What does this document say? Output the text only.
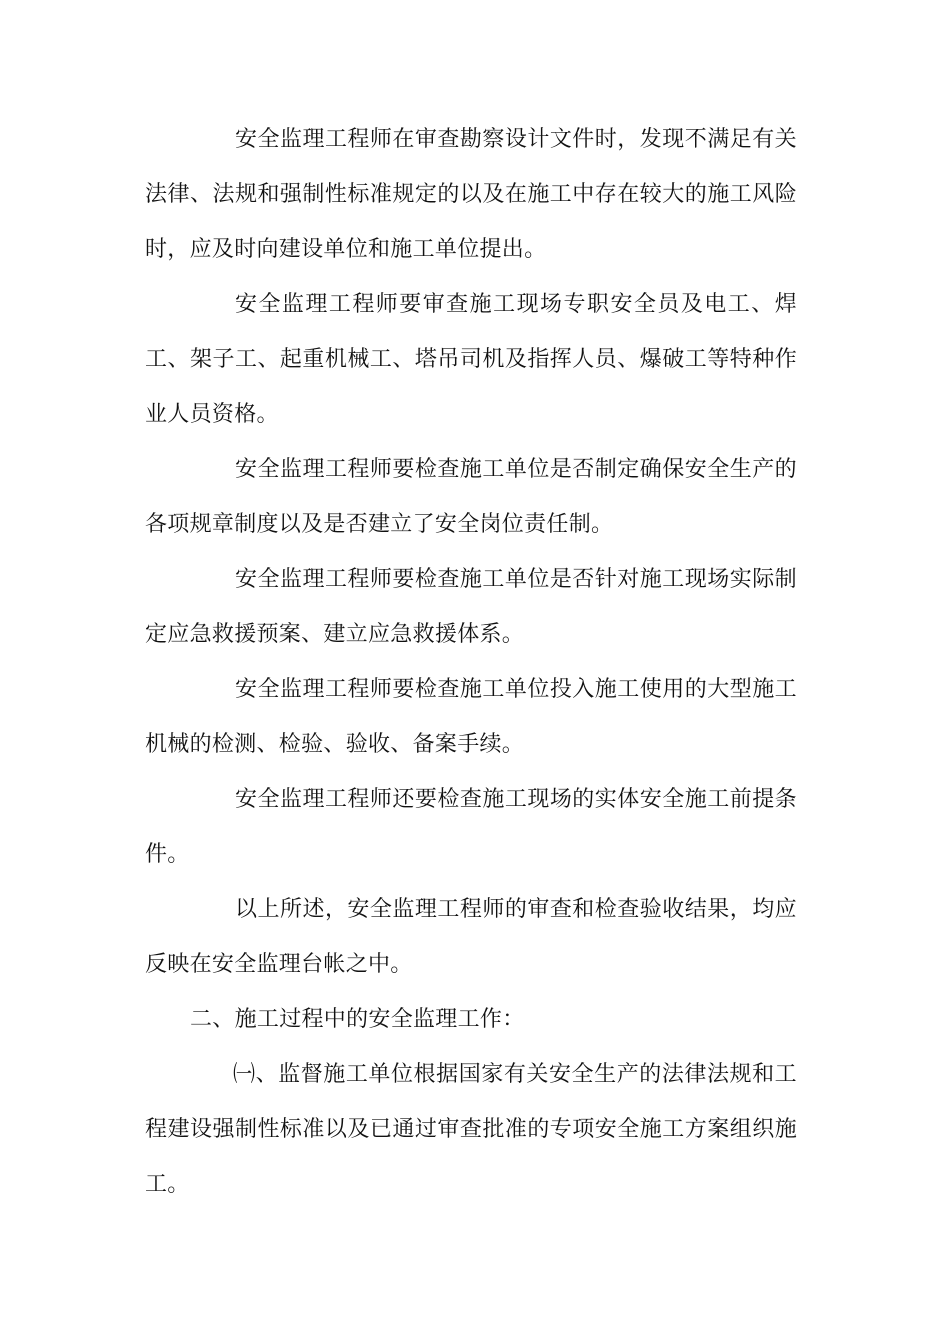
安全监理工程师在审查勘察设计文件时，发现不满足有关法律、法规和强制性标准规定的以及在施工中存在较大的施工风险时，应及时向建设单位和施工单位提出。

安全监理工程师要审查施工现场专职安全员及电工、焊工、架子工、起重机械工、塔吊司机及指挥人员、爆破工等特种作业人员资格。

安全监理工程师要检查施工单位是否制定确保安全生产的各项规章制度以及是否建立了安全岗位责任制。

安全监理工程师要检查施工单位是否针对施工现场实际制定应急救援预案、建立应急救援体系。

安全监理工程师要检查施工单位投入施工使用的大型施工机械的检测、检验、验收、备案手续。

安全监理工程师还要检查施工现场的实体安全施工前提条件。

以上所述，安全监理工程师的审查和检查验收结果，均应反映在安全监理台帐之中。

二、施工过程中的安全监理工作：

㈠、监督施工单位根据国家有关安全生产的法律法规和工程建设强制性标准以及已通过审查批准的专项安全施工方案组织施工。
